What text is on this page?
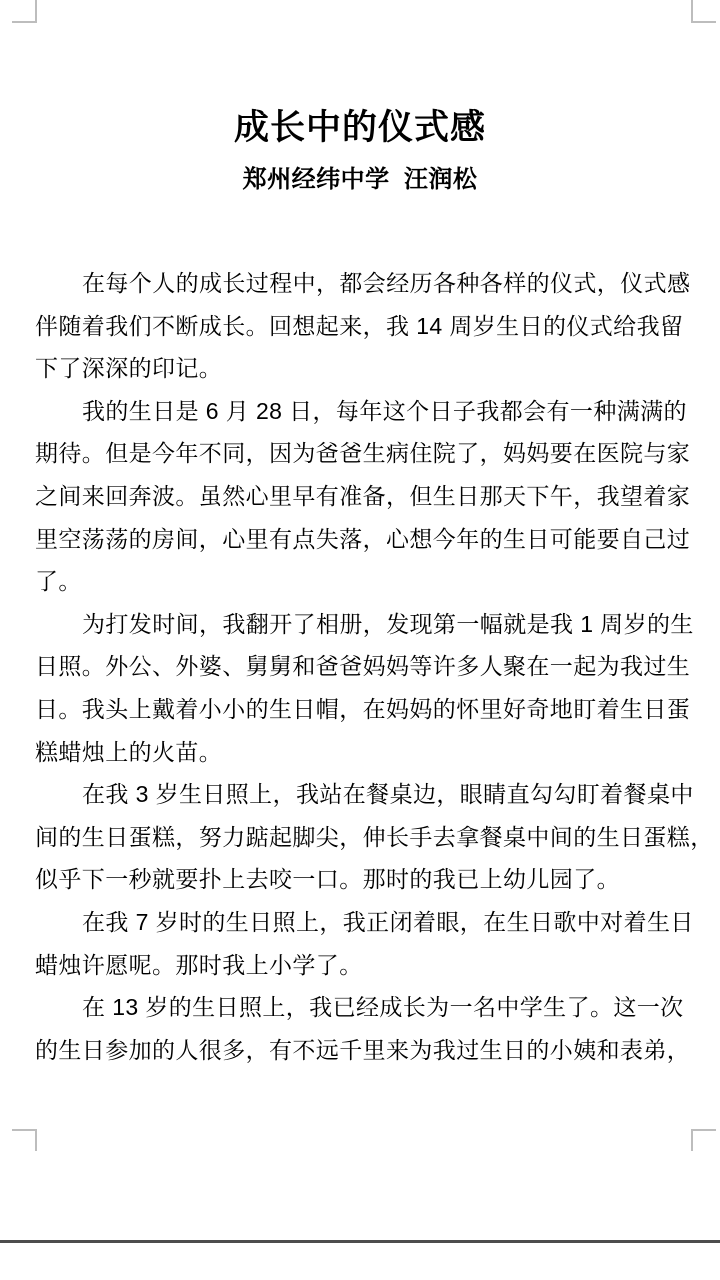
成长中的仪式感
郑州经纬中学 汪润松
在每个人的成长过程中，都会经历各种各样的仪式，仪式感
伴随着我们不断成长。回想起来，我 14 周岁生日的仪式给我留
下了深深的印记。
我的生日是 6 月 28 日，每年这个日子我都会有一种满满的
期待。但是今年不同，因为爸爸生病住院了，妈妈要在医院与家
之间来回奔波。虽然心里早有准备，但生日那天下午，我望着家
里空荡荡的房间，心里有点失落，心想今年的生日可能要自己过
了。
为打发时间，我翻开了相册，发现第一幅就是我 1 周岁的生
日照。外公、外婆、舅舅和爸爸妈妈等许多人聚在一起为我过生
日。我头上戴着小小的生日帽，在妈妈的怀里好奇地盯着生日蛋
糕蜡烛上的火苗。
在我 3 岁生日照上，我站在餐桌边，眼睛直勾勾盯着餐桌中
间的生日蛋糕，努力踮起脚尖，伸长手去拿餐桌中间的生日蛋糕，
似乎下一秒就要扑上去咬一口。那时的我已上幼儿园了。
在我 7 岁时的生日照上，我正闭着眼，在生日歌中对着生日
蜡烛许愿呢。那时我上小学了。
在 13 岁的生日照上，我已经成长为一名中学生了。这一次
的生日参加的人很多，有不远千里来为我过生日的小姨和表弟，
